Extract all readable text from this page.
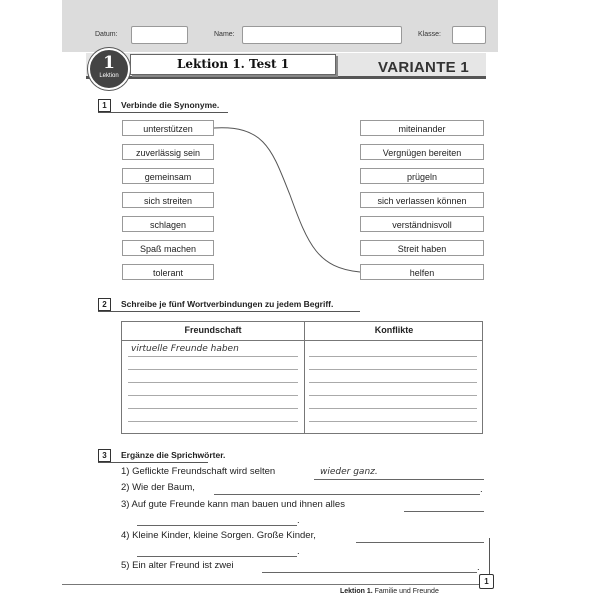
Datum:	Name:	Klasse:
1
Lektion
Lektion 1. Test 1	VARIANTE 1
1	Verbinde die Synonyme.
unterstützen
zuverlässig sein
gemeinsam
sich streiten
schlagen
Spaß machen
tolerant
miteinander
Vergnügen bereiten
prügeln
sich verlassen können
verständnisvoll
Streit haben
helfen
2	Schreibe je fünf Wortverbindungen zu jedem Begriff.
Freundschaft	Konflikte
virtuelle Freunde haben
3	Ergänze die Sprichwörter.
1) Geflickte Freundschaft wird selten	wieder ganz.
2) Wie der Baum,	.
3) Auf gute Freunde kann man bauen und ihnen alles
.
4) Kleine Kinder, kleine Sorgen. Große Kinder,
.
5) Ein alter Freund ist zwei	.
Lektion 1. Familie und Freunde
1
